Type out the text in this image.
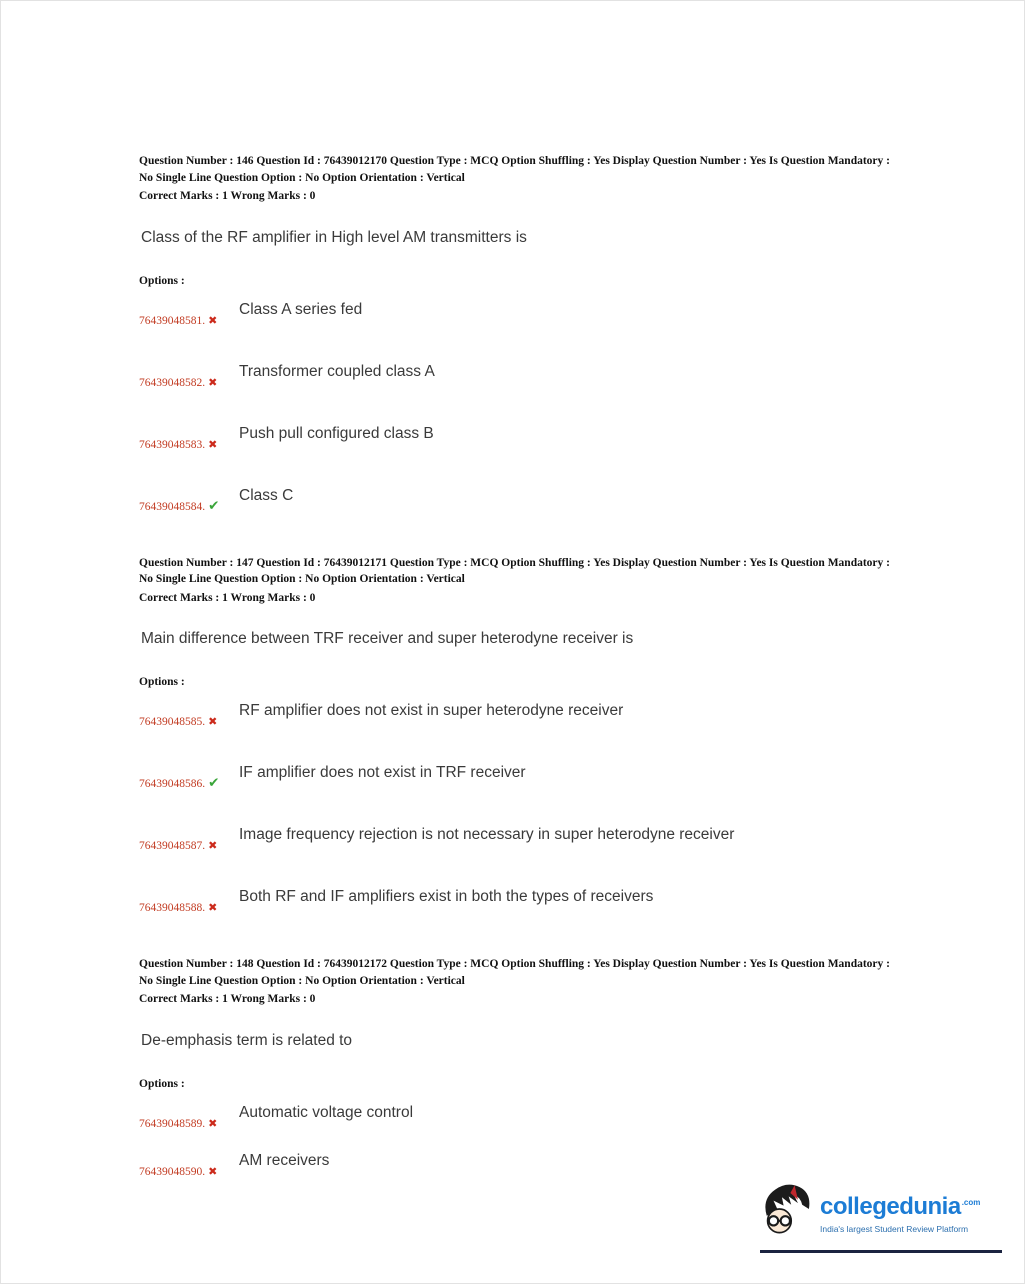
Question Number : 146 Question Id : 76439012170 Question Type : MCQ Option Shuffling : Yes Display Question Number : Yes Is Question Mandatory : No Single Line Question Option : No Option Orientation : Vertical

Correct Marks : 1 Wrong Marks : 0

Class of the RF amplifier in High level AM transmitters is

Options :

76439048581. ✖
Class A series fed
76439048582. ✖
Transformer coupled class A
76439048583. ✖
Push pull configured class B
76439048584. ✔
Class C

Question Number : 147 Question Id : 76439012171 Question Type : MCQ Option Shuffling : Yes Display Question Number : Yes Is Question Mandatory : No Single Line Question Option : No Option Orientation : Vertical

Correct Marks : 1 Wrong Marks : 0

Main difference between TRF receiver and super heterodyne receiver is

Options :

76439048585. ✖
RF amplifier does not exist in super heterodyne receiver
76439048586. ✔
IF amplifier does not exist in TRF receiver
76439048587. ✖
Image frequency rejection is not necessary in super heterodyne receiver
76439048588. ✖
Both RF and IF amplifiers exist in both the types of receivers

Question Number : 148 Question Id : 76439012172 Question Type : MCQ Option Shuffling : Yes Display Question Number : Yes Is Question Mandatory : No Single Line Question Option : No Option Orientation : Vertical

Correct Marks : 1 Wrong Marks : 0

De-emphasis term is related to

Options :

76439048589. ✖
Automatic voltage control
76439048590. ✖
AM receivers
collegedunia$^{.com}$
India's largest Student Review Platform
